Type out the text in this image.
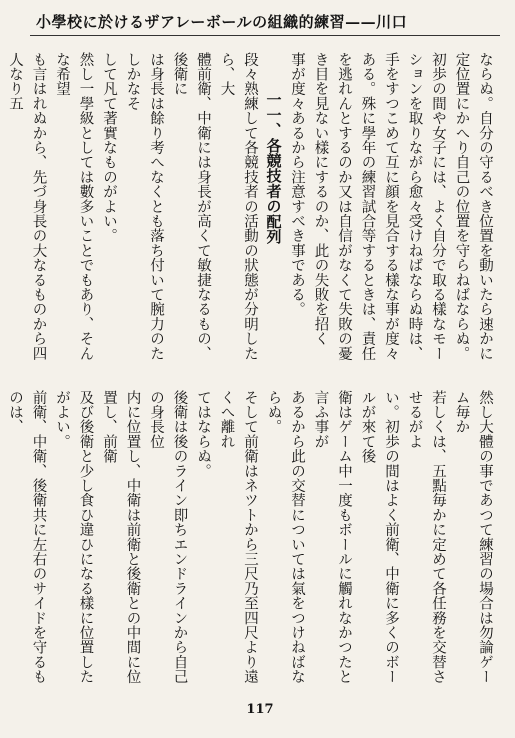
小學校に於けるザアレーボールの組織的練習——川口

ならぬ。自分の守るべき位置を動いたら速かに

定位置にかへり自己の位置を守らねばならぬ。

初歩の間や女子には、よく自分で取る樣なモー

ションを取りながら愈々受けねばならぬ時は、

手をすつこめて互に顔を見合する樣な事が度々

ある。殊に學年の練習試合等するときは、責任

を逃れんとするのか又は自信がなくて失敗の憂

き目を見ない樣にするのか、此の失敗を招く

事が度々あるから注意すべき事である。

一一、各競技者の配列

段々熟練して各競技者の活動の狀態が分明したら、大

體前衛、中衛には身長が高くて敏捷なるもの、後衛に

は身長は餘り考へなくとも落ち付いて腕力のたしかなそ

して凡て著實なものがよい。

然し一學級としては數多いことでもあり、そんな希望

も言はれぬから、先づ身長の大なるものから四人なり五

然し大體の事であつて練習の場合は勿論ゲーム毎か

若しくは、五點毎かに定めて各任務を交替させるがよ

い。初歩の間はよく前衛、中衛に多くのボールが來て後

衛はゲーム中一度もボールに觸れなかつたと言ふ事が

あるから此の交替については氣をつけねばならぬ。

そして前衛はネツトから三尺乃至四尺より遠くへ離れ

てはならぬ。

後衛は後のライン即ちエンドラインから自己の身長位

内に位置し、中衛は前衛と後衛との中間に位置し、前衛

及び後衛と少し食ひ違ひになる樣に位置したがよい。

前衛、中衛、後衛共に左右のサイドを守るものは、

117
